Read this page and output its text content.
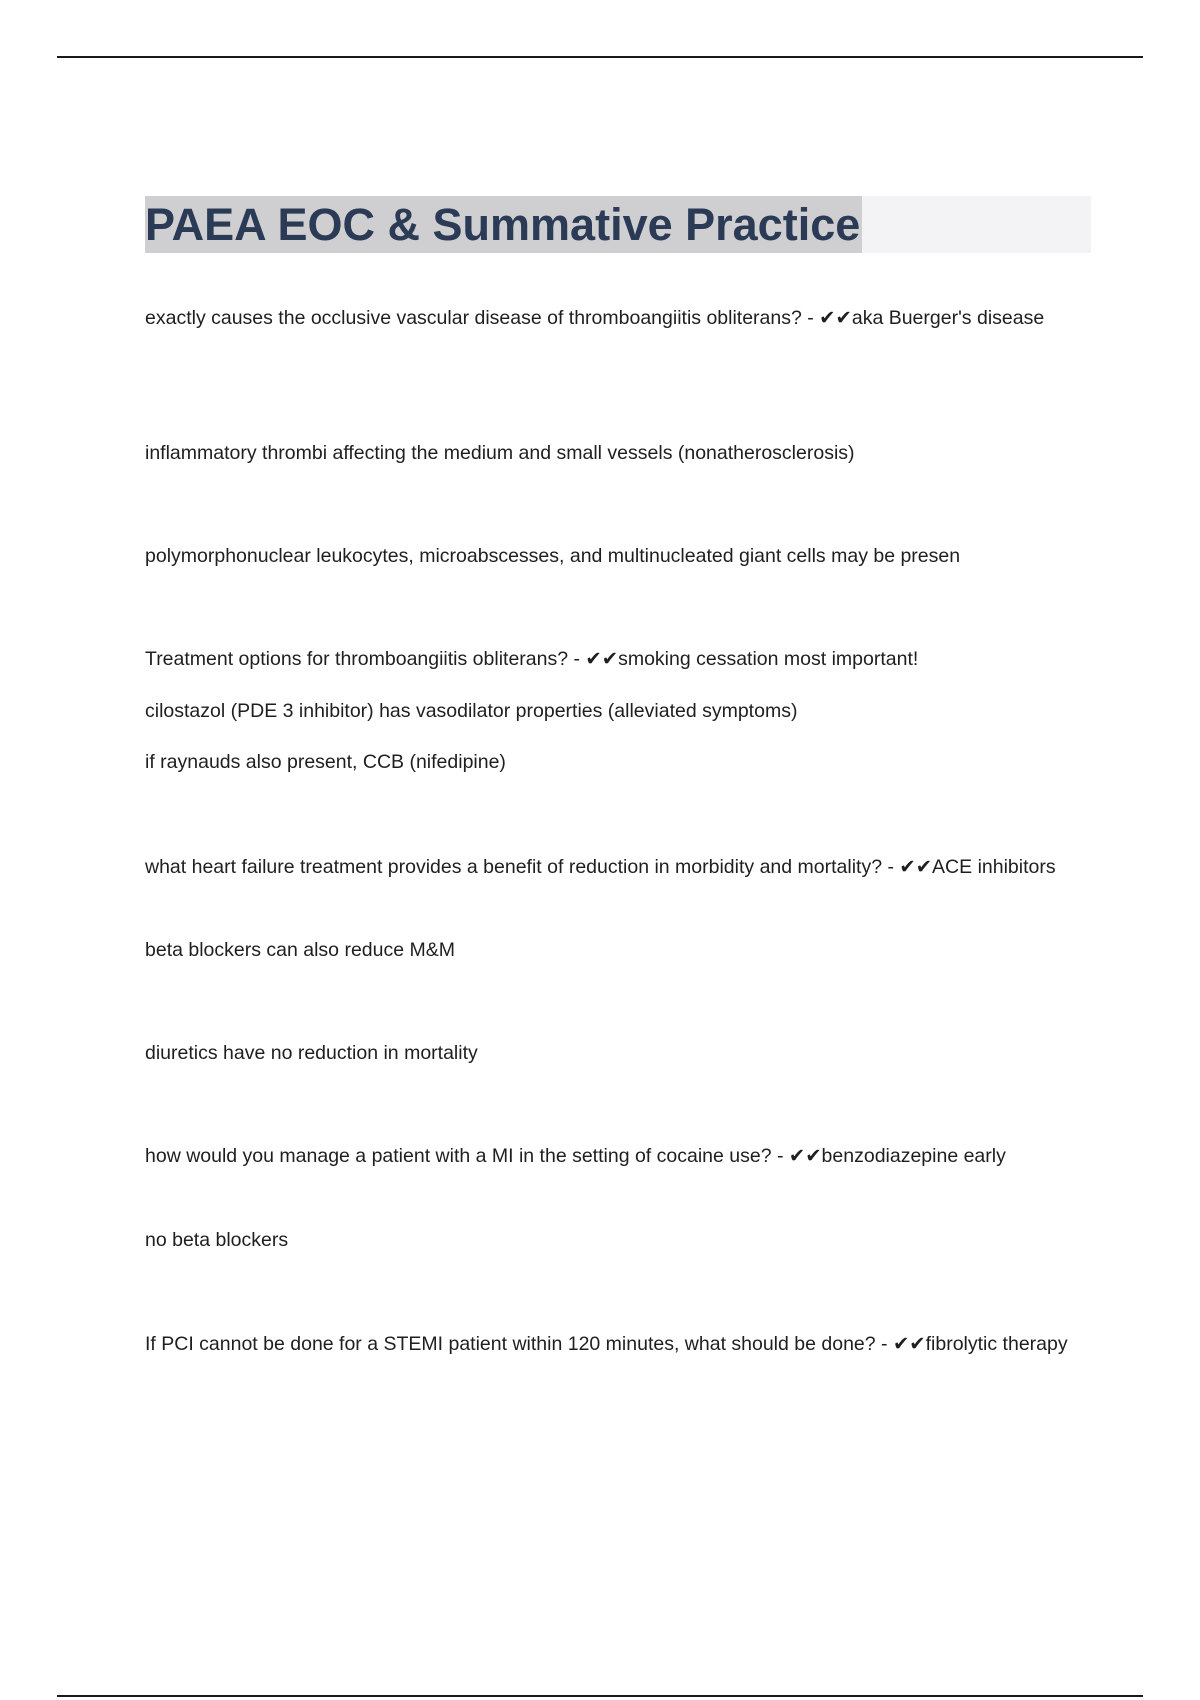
PAEA EOC & Summative Practice

exactly causes the occlusive vascular disease of thromboangiitis obliterans? - ✔✔aka Buerger's disease

inflammatory thrombi affecting the medium and small vessels (nonatherosclerosis)

polymorphonuclear leukocytes, microabscesses, and multinucleated giant cells may be presen

Treatment options for thromboangiitis obliterans? - ✔✔smoking cessation most important!

cilostazol (PDE 3 inhibitor) has vasodilator properties (alleviated symptoms)

if raynauds also present, CCB (nifedipine)

what heart failure treatment provides a benefit of reduction in morbidity and mortality? - ✔✔ACE inhibitors

beta blockers can also reduce M&M

diuretics have no reduction in mortality

how would you manage a patient with a MI in the setting of cocaine use? - ✔✔benzodiazepine early

no beta blockers

If PCI cannot be done for a STEMI patient within 120 minutes, what should be done? - ✔✔fibrolytic therapy
